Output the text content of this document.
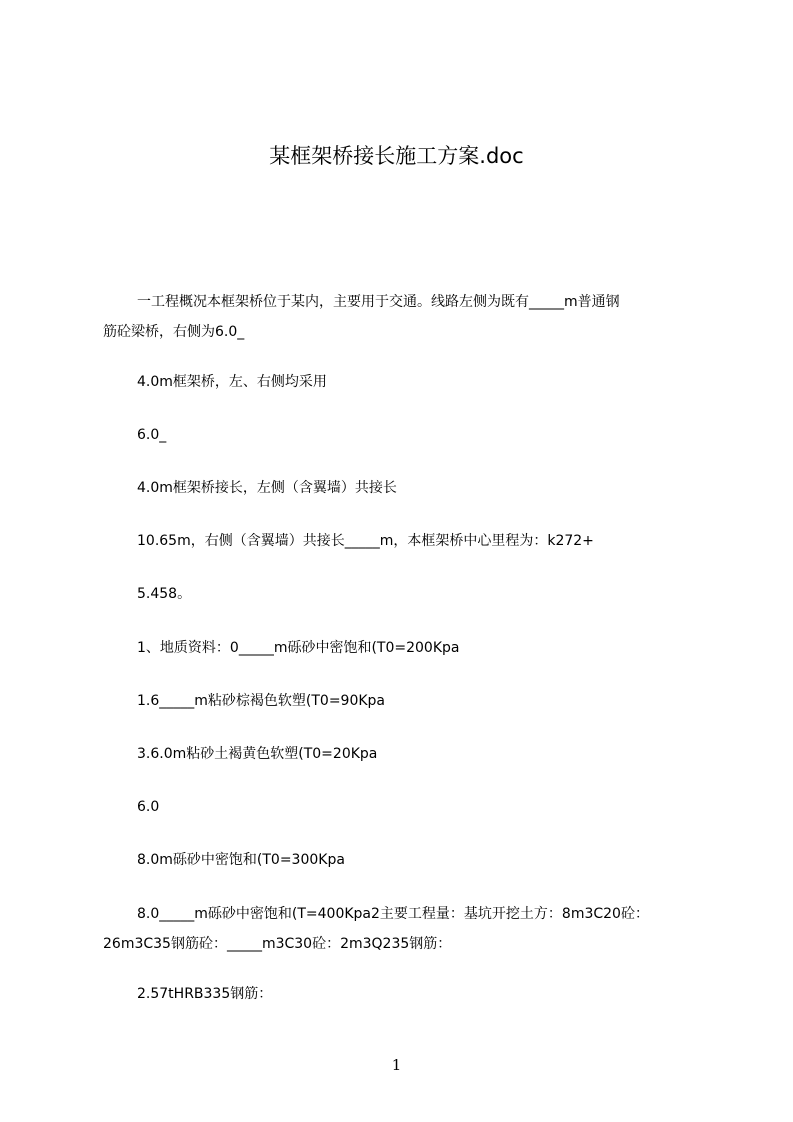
某框架桥接长施工方案.doc
一工程概况本框架桥位于某内，主要用于交通。线路左侧为既有_____m普通钢
筋砼梁桥，右侧为6.0_
4.0m框架桥，左、右侧均采用
6.0_
4.0m框架桥接长，左侧（含翼墙）共接长
10.65m，右侧（含翼墙）共接长_____m，本框架桥中心里程为：k272+
5.458。
1、地质资料：0_____m砾砂中密饱和(T0=200Kpa
1.6_____m粘砂棕褐色软塑(T0=90Kpa
3.6.0m粘砂土褐黄色软塑(T0=20Kpa
6.0
8.0m砾砂中密饱和(T0=300Kpa
8.0_____m砾砂中密饱和(T=400Kpa2主要工程量：基坑开挖土方：8m3C20砼：
26m3C35钢筋砼：_____m3C30砼：2m3Q235钢筋：
2.57tHRB335钢筋：
1
